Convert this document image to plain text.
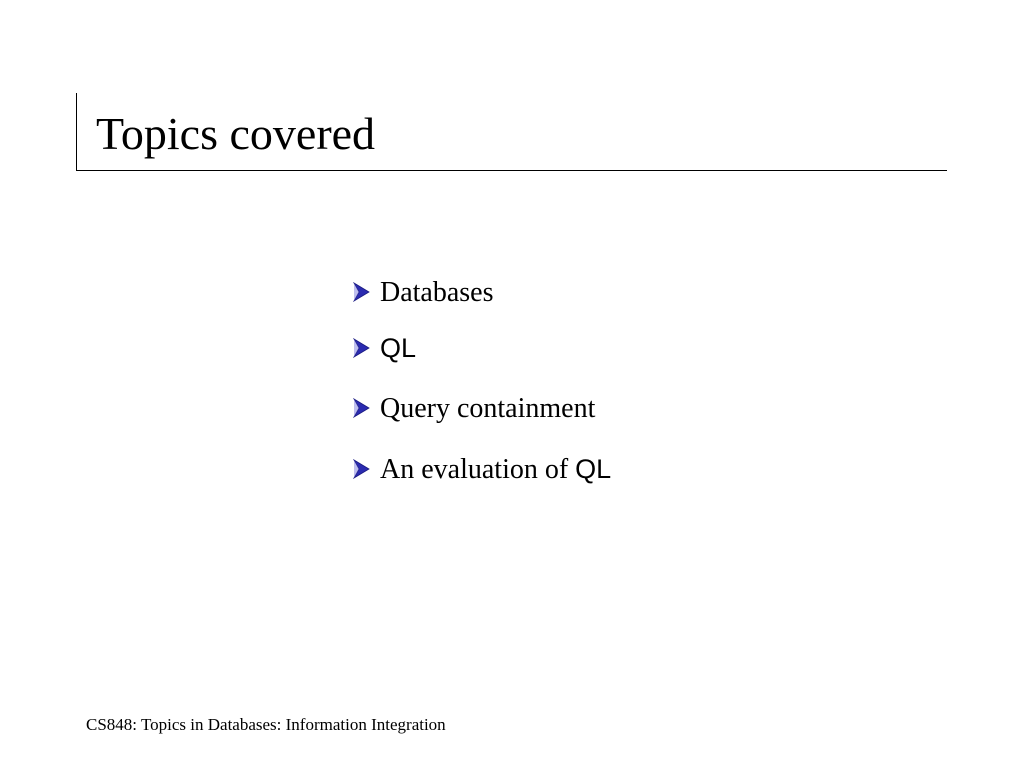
Topics covered
Databases
QL
Query containment
An evaluation of QL
CS848: Topics in Databases: Information Integration
